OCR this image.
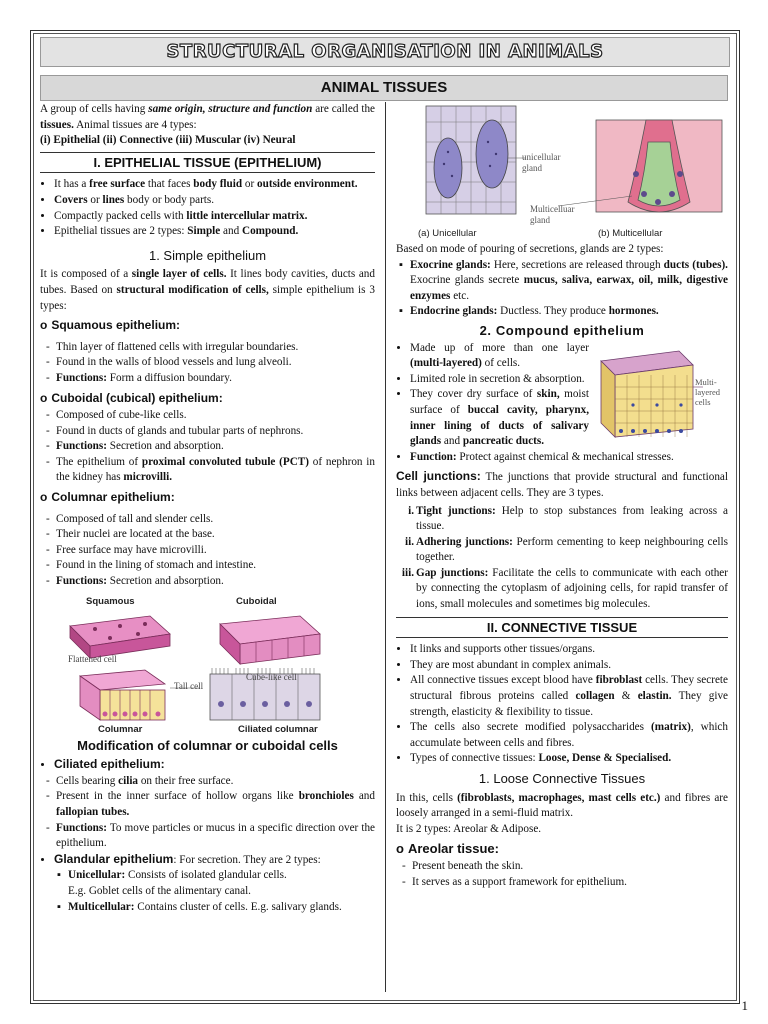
STRUCTURAL ORGANISATION IN ANIMALS
ANIMAL TISSUES

A group of cells having same origin, structure and function are called the tissues. Animal tissues are 4 types:
(i) Epithelial (ii) Connective (iii) Muscular (iv) Neural

I. EPITHELIAL TISSUE (EPITHELIUM)
• It has a free surface that faces body fluid or outside environment.
• Covers or lines body or body parts.
• Compactly packed cells with little intercellular matrix.
• Epithelial tissues are 2 types: Simple and Compound.
1. Simple epithelium

It is composed of a single layer of cells. It lines body cavities, ducts and tubes. Based on structural modification of cells, simple epithelium is 3 types:

o Squamous epithelium:
- Thin layer of flattened cells with irregular boundaries.
- Found in the walls of blood vessels and lung alveoli.
- Functions: Form a diffusion boundary.
o Cuboidal (cubical) epithelium:
- Composed of cube-like cells.
- Found in ducts of glands and tubular parts of nephrons.
- Functions: Secretion and absorption.
- The epithelium of proximal convoluted tubule (PCT) of nephron in the kidney has microvilli.
o Columnar epithelium:
- Composed of tall and slender cells.
- Their nuclei are located at the base.
- Free surface may have microvilli.
- Found in the lining of stomach and intestine.
- Functions: Secretion and absorption.
Squamous	Cuboidal
Flattened cell
Cube-like cell
Tall cell
Columnar	Ciliated columnar
Modification of columnar or cuboidal cells
• Ciliated epithelium:
- Cells bearing cilia on their free surface.
- Present in the inner surface of hollow organs like bronchioles and fallopian tubes.
- Functions: To move particles or mucus in a specific direction over the epithelium.
• Glandular epithelium: For secretion. They are 2 types:
▪ Unicellular: Consists of isolated glandular cells.
E.g. Goblet cells of the alimentary canal.
▪ Multicellular: Contains cluster of cells. E.g. salivary glands.
unicellular gland
Multicelluar gland
(a) Unicellular	(b) Multicellular

Based on mode of pouring of secretions, glands are 2 types:

▪ Exocrine glands: Here, secretions are released through ducts (tubes). Exocrine glands secrete mucus, saliva, earwax, oil, milk, digestive enzymes etc.
▪ Endocrine glands: Ductless. They produce hormones.
2. Compound epithelium
Multi-layered cells
• Made up of more than one layer (multi-layered) of cells.
• Limited role in secretion & absorption.
• They cover dry surface of skin, moist surface of buccal cavity, pharynx, inner lining of ducts of salivary glands and pancreatic ducts.
• Function: Protect against chemical & mechanical stresses.

Cell junctions: The junctions that provide structural and functional links between adjacent cells. They are 3 types.

i. Tight junctions: Help to stop substances from leaking across a tissue.
ii. Adhering junctions: Perform cementing to keep neighbouring cells together.
iii. Gap junctions: Facilitate the cells to communicate with each other by connecting the cytoplasm of adjoining cells, for rapid transfer of ions, small molecules and sometimes big molecules.
II. CONNECTIVE TISSUE
• It links and supports other tissues/organs.
• They are most abundant in complex animals.
• All connective tissues except blood have fibroblast cells. They secrete structural fibrous proteins called collagen & elastin. They give strength, elasticity & flexibility to tissue.
• The cells also secrete modified polysaccharides (matrix), which accumulate between cells and fibres.
• Types of connective tissues: Loose, Dense & Specialised.
1. Loose Connective Tissues

In this, cells (fibroblasts, macrophages, mast cells etc.) and fibres are loosely arranged in a semi-fluid matrix.

It is 2 types: Areolar & Adipose.

o Areolar tissue:
- Present beneath the skin.
- It serves as a support framework for epithelium.
1
